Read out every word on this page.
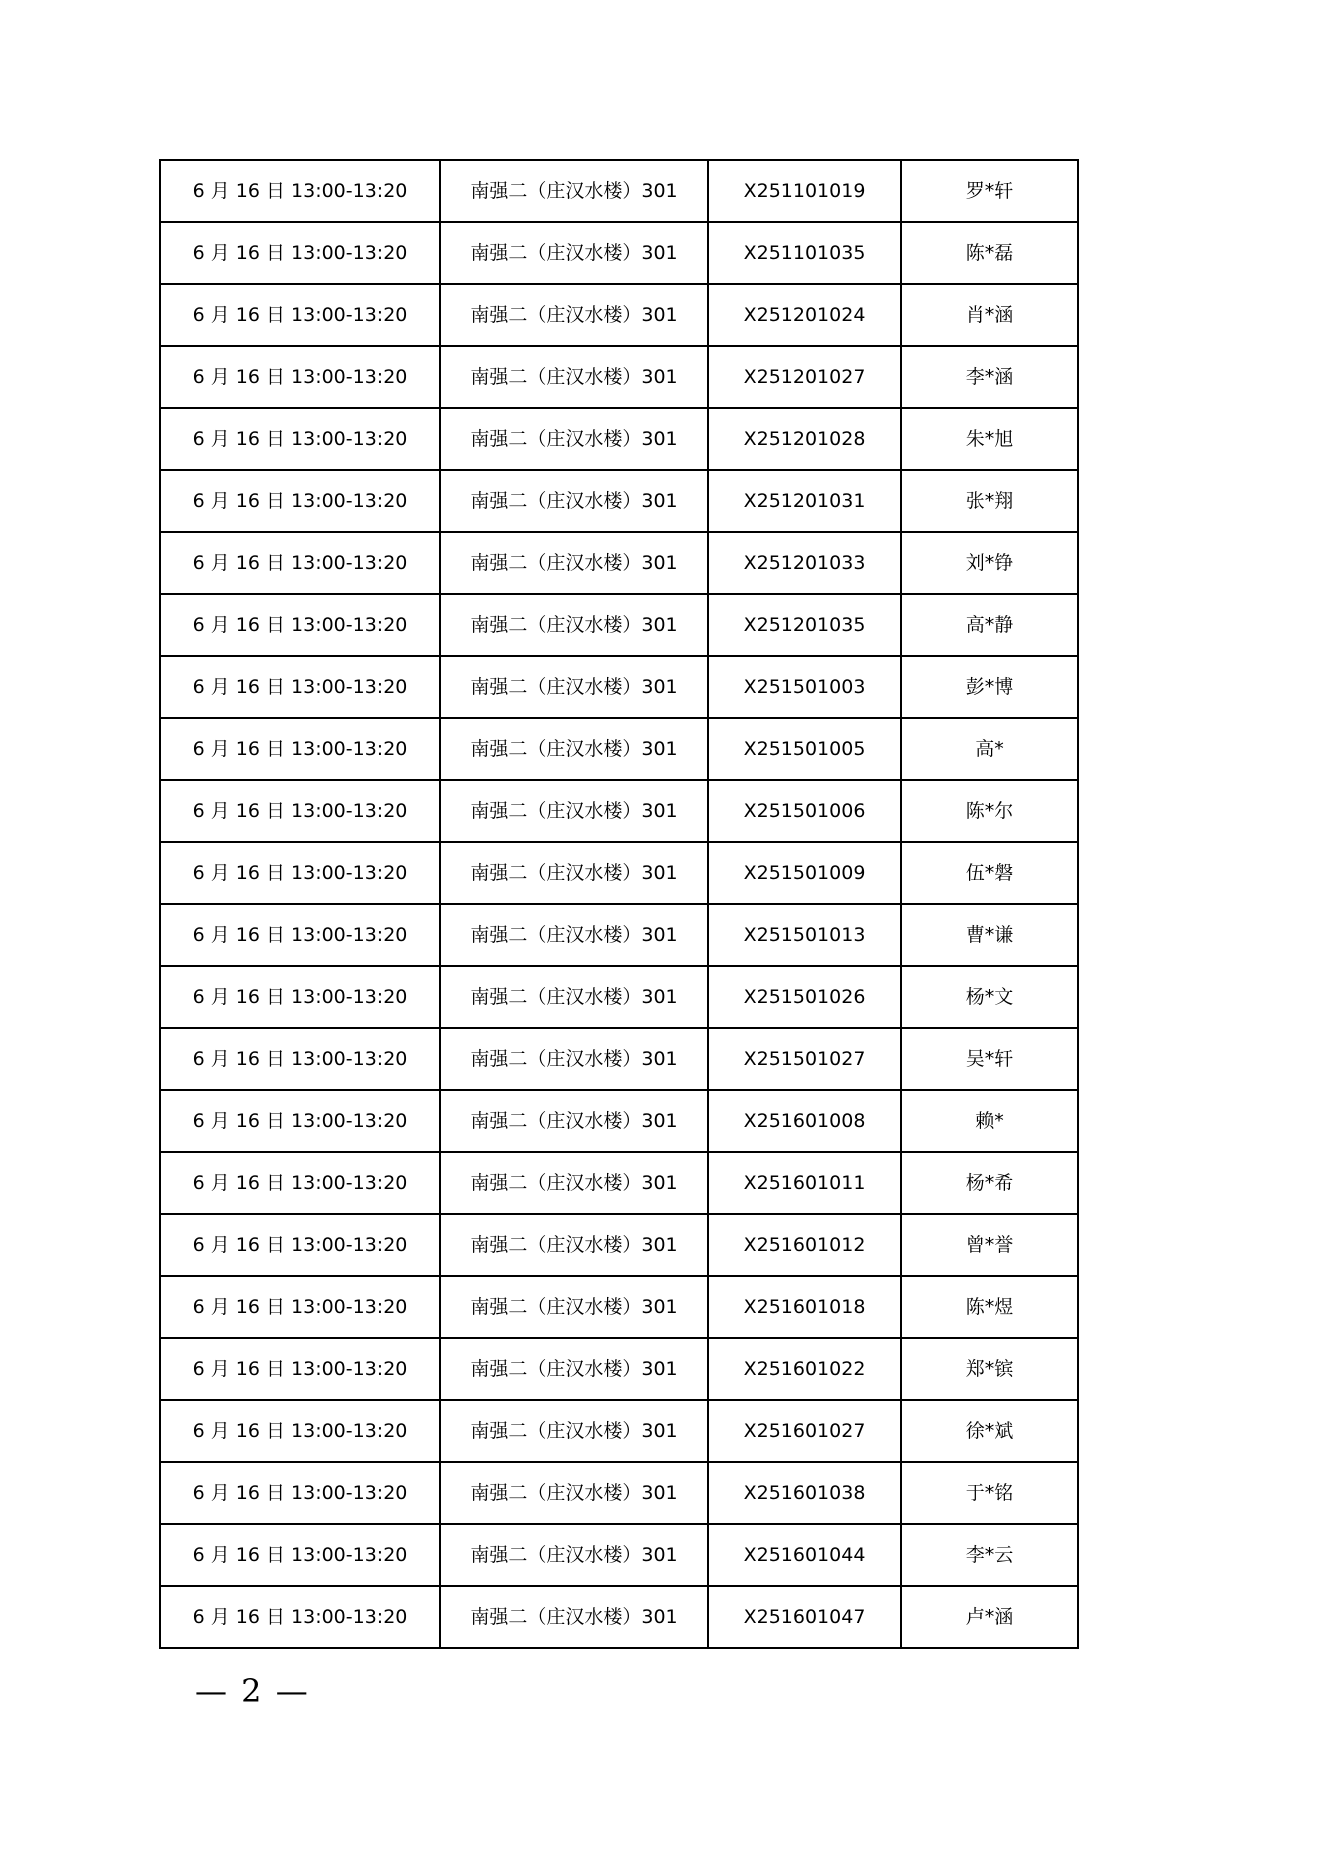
6 月 16 日 13:00-13:20	南强二（庄汉水楼）301	X251101019	罗*轩
6 月 16 日 13:00-13:20	南强二（庄汉水楼）301	X251101035	陈*磊
6 月 16 日 13:00-13:20	南强二（庄汉水楼）301	X251201024	肖*涵
6 月 16 日 13:00-13:20	南强二（庄汉水楼）301	X251201027	李*涵
6 月 16 日 13:00-13:20	南强二（庄汉水楼）301	X251201028	朱*旭
6 月 16 日 13:00-13:20	南强二（庄汉水楼）301	X251201031	张*翔
6 月 16 日 13:00-13:20	南强二（庄汉水楼）301	X251201033	刘*铮
6 月 16 日 13:00-13:20	南强二（庄汉水楼）301	X251201035	高*静
6 月 16 日 13:00-13:20	南强二（庄汉水楼）301	X251501003	彭*博
6 月 16 日 13:00-13:20	南强二（庄汉水楼）301	X251501005	高*
6 月 16 日 13:00-13:20	南强二（庄汉水楼）301	X251501006	陈*尔
6 月 16 日 13:00-13:20	南强二（庄汉水楼）301	X251501009	伍*磐
6 月 16 日 13:00-13:20	南强二（庄汉水楼）301	X251501013	曹*谦
6 月 16 日 13:00-13:20	南强二（庄汉水楼）301	X251501026	杨*文
6 月 16 日 13:00-13:20	南强二（庄汉水楼）301	X251501027	吴*轩
6 月 16 日 13:00-13:20	南强二（庄汉水楼）301	X251601008	赖*
6 月 16 日 13:00-13:20	南强二（庄汉水楼）301	X251601011	杨*希
6 月 16 日 13:00-13:20	南强二（庄汉水楼）301	X251601012	曾*誉
6 月 16 日 13:00-13:20	南强二（庄汉水楼）301	X251601018	陈*煜
6 月 16 日 13:00-13:20	南强二（庄汉水楼）301	X251601022	郑*镔
6 月 16 日 13:00-13:20	南强二（庄汉水楼）301	X251601027	徐*斌
6 月 16 日 13:00-13:20	南强二（庄汉水楼）301	X251601038	于*铭
6 月 16 日 13:00-13:20	南强二（庄汉水楼）301	X251601044	李*云
6 月 16 日 13:00-13:20	南强二（庄汉水楼）301	X251601047	卢*涵
— 2 —
